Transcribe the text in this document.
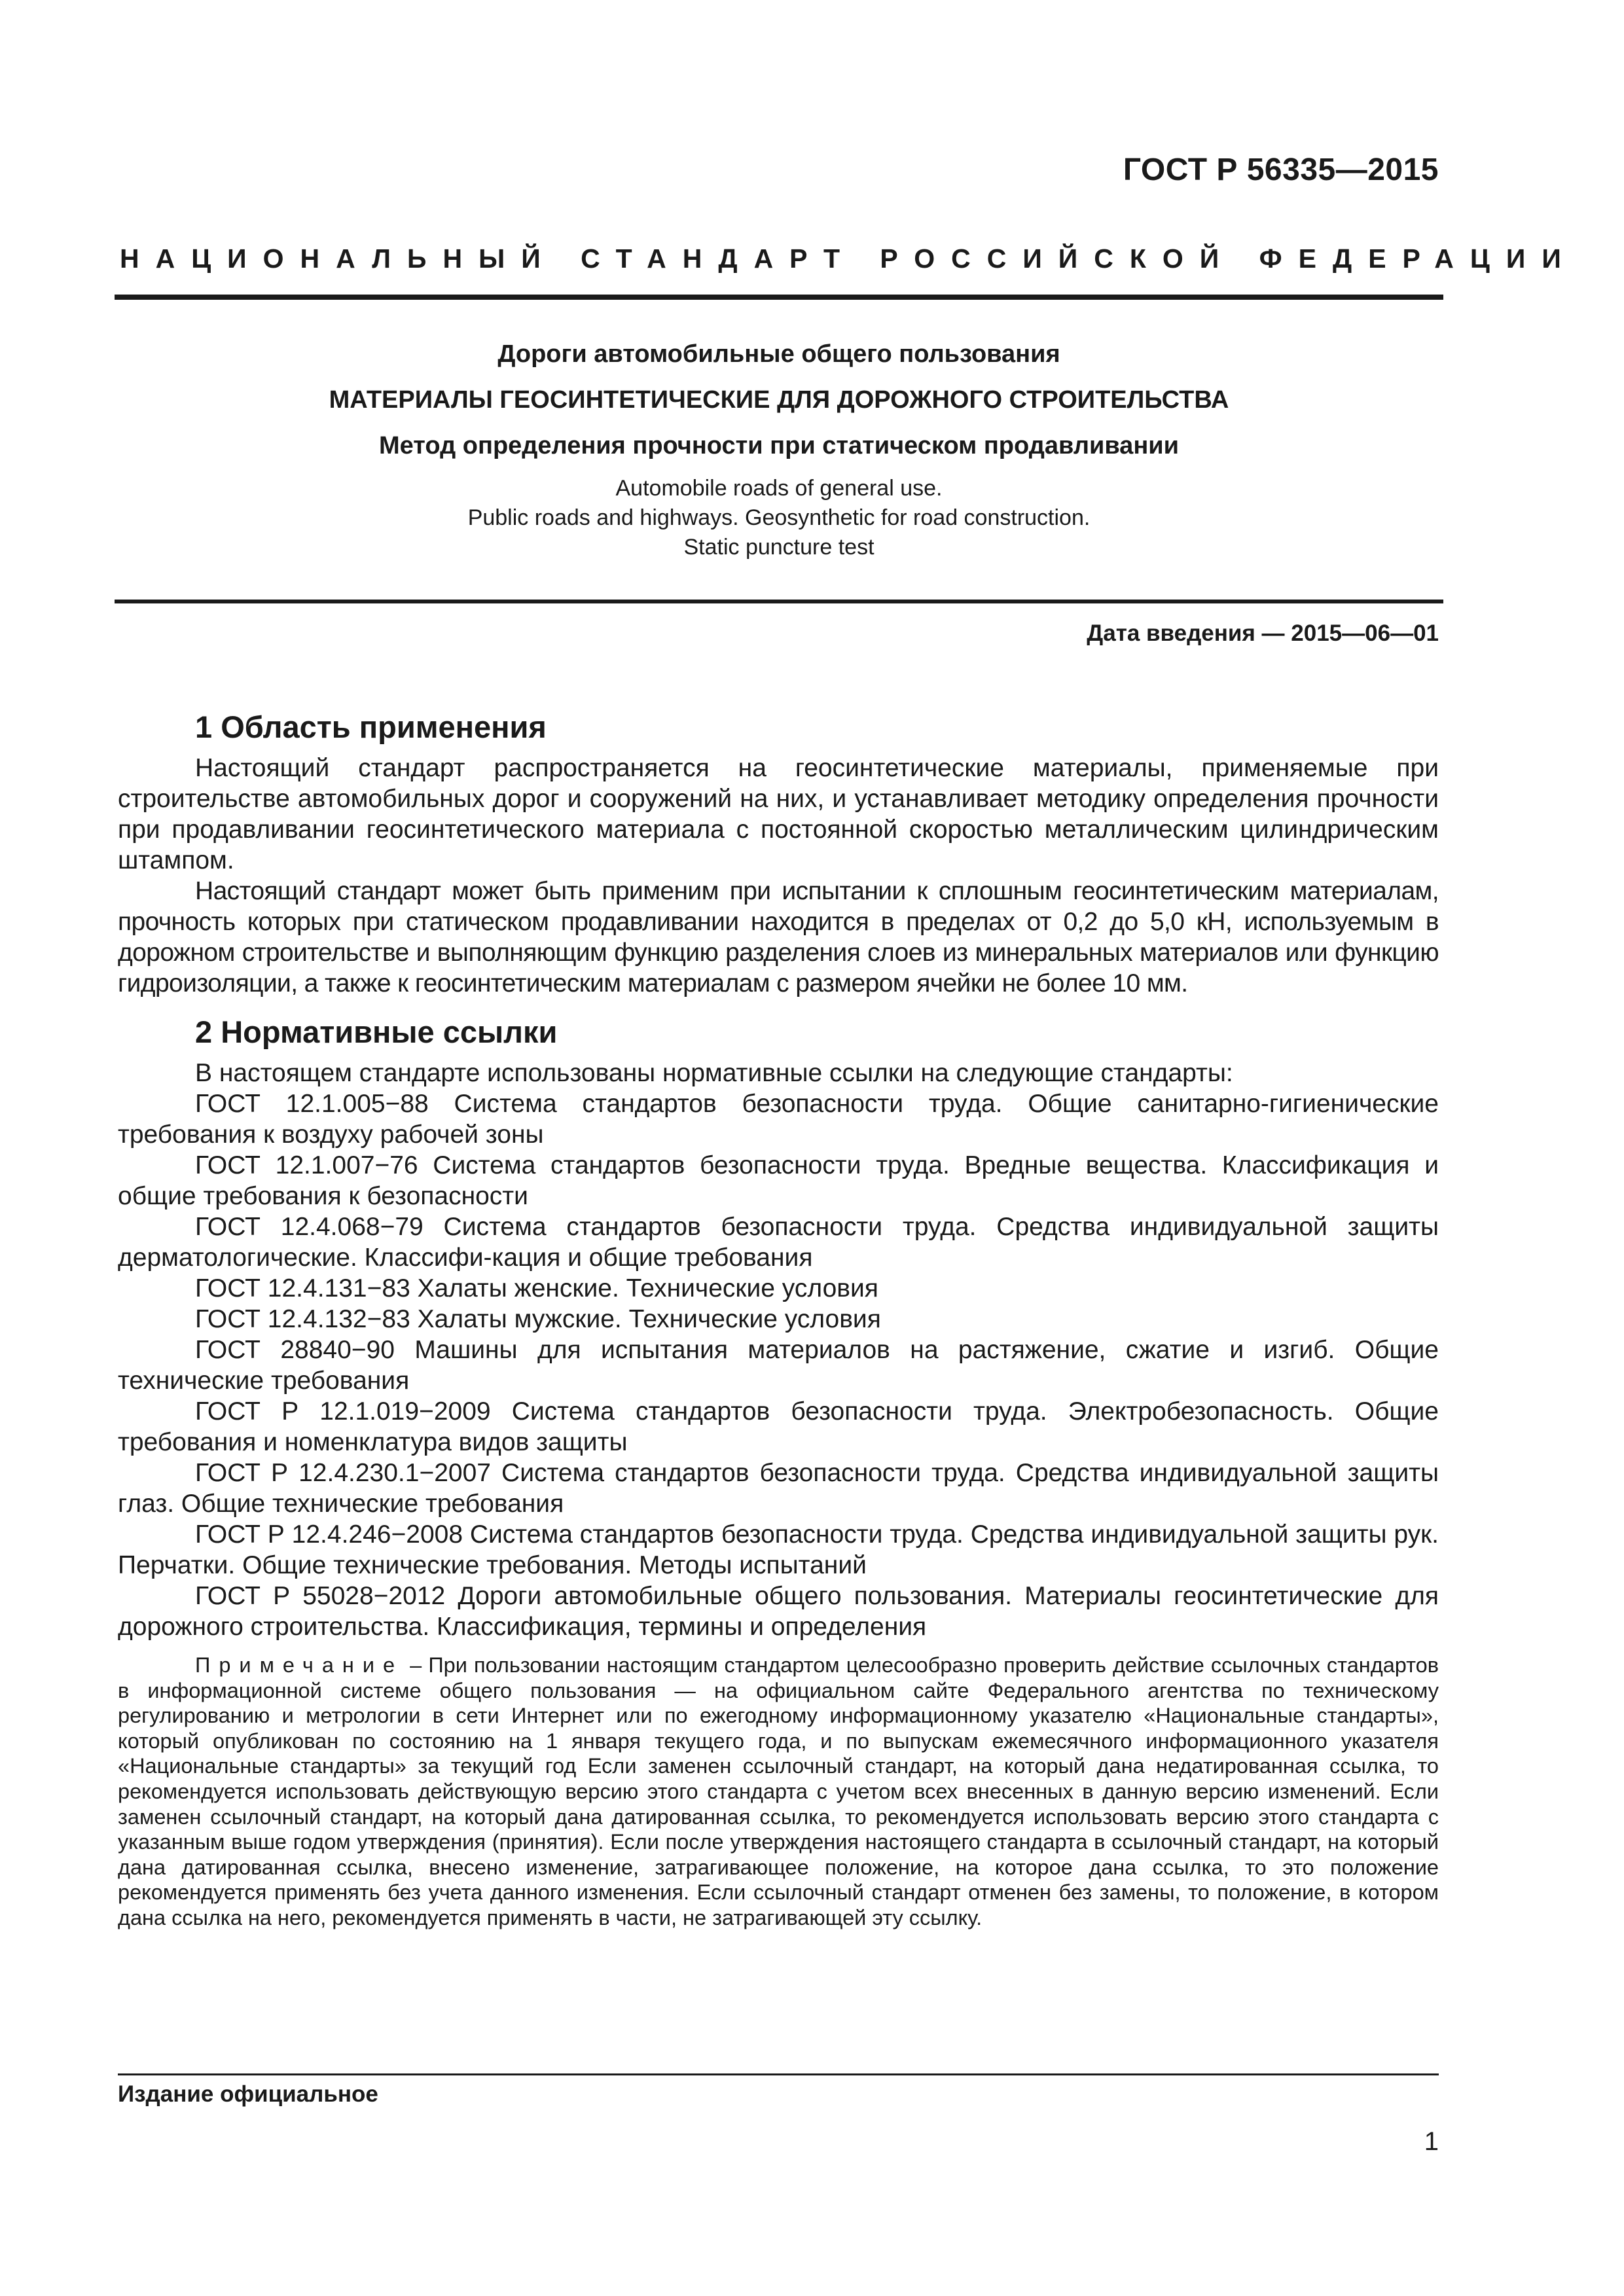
ГОСТ Р 56335—2015
НАЦИОНАЛЬНЫЙ СТАНДАРТ РОССИЙСКОЙ ФЕДЕРАЦИИ
Дороги автомобильные общего пользования
МАТЕРИАЛЫ ГЕОСИНТЕТИЧЕСКИЕ ДЛЯ ДОРОЖНОГО СТРОИТЕЛЬСТВА
Метод определения прочности при статическом продавливании
Automobile roads of general use.
Public roads and highways. Geosynthetic for road construction.
Static puncture test
Дата введения — 2015—06—01
1 Область применения

Настоящий стандарт распространяется на геосинтетические материалы, применяемые при строительстве автомобильных дорог и сооружений на них, и устанавливает методику определения прочности при продавливании геосинтетического материала с постоянной скоростью металлическим цилиндрическим штампом.

Настоящий стандарт может быть применим при испытании к сплошным геосинтетическим материалам, прочность которых при статическом продавливании находится в пределах от 0,2 до 5,0 кН, используемым в дорожном строительстве и выполняющим функцию разделения слоев из минеральных материалов или функцию гидроизоляции, а также к геосинтетическим материалам с размером ячейки не более 10 мм.

2 Нормативные ссылки

В настоящем стандарте использованы нормативные ссылки на следующие стандарты:

ГОСТ 12.1.005−88 Система стандартов безопасности труда. Общие санитарно-гигиенические требования к воздуху рабочей зоны

ГОСТ 12.1.007−76 Система стандартов безопасности труда. Вредные вещества. Классификация и общие требования к безопасности

ГОСТ 12.4.068−79 Система стандартов безопасности труда. Средства индивидуальной защиты дерматологические. Классифи-кация и общие требования

ГОСТ 12.4.131−83 Халаты женские. Технические условия

ГОСТ 12.4.132−83 Халаты мужские. Технические условия

ГОСТ 28840−90 Машины для испытания материалов на растяжение, сжатие и изгиб. Общие технические требования

ГОСТ Р 12.1.019−2009 Система стандартов безопасности труда. Электробезопасность. Общие требования и номенклатура видов защиты

ГОСТ Р 12.4.230.1−2007 Система стандартов безопасности труда. Средства индивидуальной защиты глаз. Общие технические требования

ГОСТ Р 12.4.246−2008 Система стандартов безопасности труда. Средства индивидуальной защиты рук. Перчатки. Общие технические требования. Методы испытаний

ГОСТ Р 55028−2012 Дороги автомобильные общего пользования. Материалы геосинтетические для дорожного строительства. Классификация, термины и определения

Примечание – При пользовании настоящим стандартом целесообразно проверить действие ссылочных стандартов в информационной системе общего пользования — на официальном сайте Федерального агентства по техническому регулированию и метрологии в сети Интернет или по ежегодному информационному указателю «Национальные стандарты», который опубликован по состоянию на 1 января текущего года, и по выпускам ежемесячного информационного указателя «Национальные стандарты» за текущий год Если заменен ссылочный стандарт, на который дана недатированная ссылка, то рекомендуется использовать действующую версию этого стандарта с учетом всех внесенных в данную версию изменений. Если заменен ссылочный стандарт, на который дана датированная ссылка, то рекомендуется использовать версию этого стандарта с указанным выше годом утверждения (принятия). Если после утверждения настоящего стандарта в ссылочный стандарт, на который дана датированная ссылка, внесено изменение, затрагивающее положение, на которое дана ссылка, то это положение рекомендуется применять без учета данного изменения. Если ссылочный стандарт отменен без замены, то положение, в котором дана ссылка на него, рекомендуется применять в части, не затрагивающей эту ссылку.
Издание официальное
1
